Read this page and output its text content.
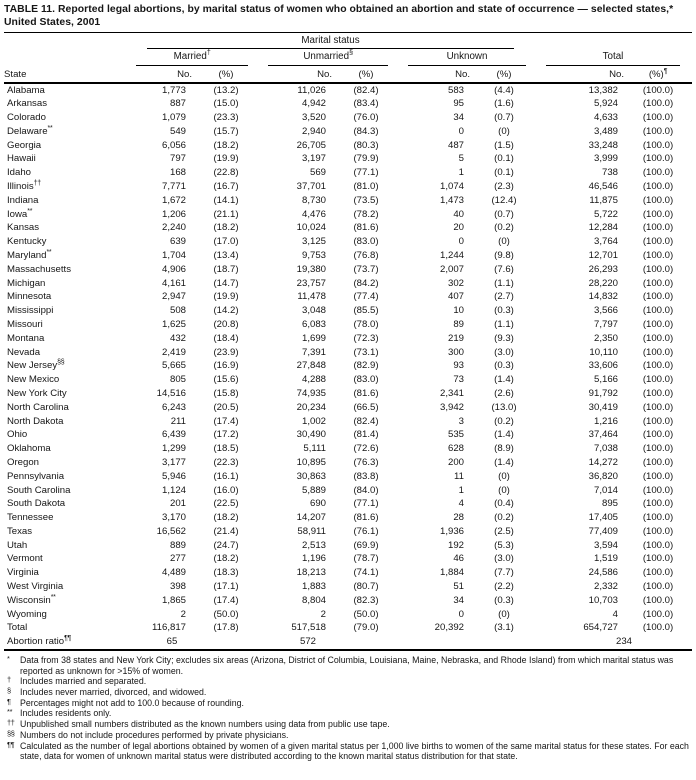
TABLE 11. Reported legal abortions, by marital status of women who obtained an abortion and state of occurrence — selected states,* United States, 2001

	Marital status							

	Married†		Unmarried§		Unknown		Total	

State	No.	(%)	No.	(%)	No.	(%)	No.	(%)¶
Alabama	1,773	(13.2)	11,026	(82.4)	583	(4.4)	13,382	(100.0)
Arkansas	887	(15.0)	4,942	(83.4)	95	(1.6)	5,924	(100.0)
Colorado	1,079	(23.3)	3,520	(76.0)	34	(0.7)	4,633	(100.0)
Delaware**	549	(15.7)	2,940	(84.3)	0	(0)	3,489	(100.0)
Georgia	6,056	(18.2)	26,705	(80.3)	487	(1.5)	33,248	(100.0)
Hawaii	797	(19.9)	3,197	(79.9)	5	(0.1)	3,999	(100.0)
Idaho	168	(22.8)	569	(77.1)	1	(0.1)	738	(100.0)
Illinois††	7,771	(16.7)	37,701	(81.0)	1,074	(2.3)	46,546	(100.0)
Indiana	1,672	(14.1)	8,730	(73.5)	1,473	(12.4)	11,875	(100.0)
Iowa**	1,206	(21.1)	4,476	(78.2)	40	(0.7)	5,722	(100.0)
Kansas	2,240	(18.2)	10,024	(81.6)	20	(0.2)	12,284	(100.0)
Kentucky	639	(17.0)	3,125	(83.0)	0	(0)	3,764	(100.0)
Maryland**	1,704	(13.4)	9,753	(76.8)	1,244	(9.8)	12,701	(100.0)
Massachusetts	4,906	(18.7)	19,380	(73.7)	2,007	(7.6)	26,293	(100.0)
Michigan	4,161	(14.7)	23,757	(84.2)	302	(1.1)	28,220	(100.0)
Minnesota	2,947	(19.9)	11,478	(77.4)	407	(2.7)	14,832	(100.0)
Mississippi	508	(14.2)	3,048	(85.5)	10	(0.3)	3,566	(100.0)
Missouri	1,625	(20.8)	6,083	(78.0)	89	(1.1)	7,797	(100.0)
Montana	432	(18.4)	1,699	(72.3)	219	(9.3)	2,350	(100.0)
Nevada	2,419	(23.9)	7,391	(73.1)	300	(3.0)	10,110	(100.0)
New Jersey§§	5,665	(16.9)	27,848	(82.9)	93	(0.3)	33,606	(100.0)
New Mexico	805	(15.6)	4,288	(83.0)	73	(1.4)	5,166	(100.0)
New York City	14,516	(15.8)	74,935	(81.6)	2,341	(2.6)	91,792	(100.0)
North Carolina	6,243	(20.5)	20,234	(66.5)	3,942	(13.0)	30,419	(100.0)
North Dakota	211	(17.4)	1,002	(82.4)	3	(0.2)	1,216	(100.0)
Ohio	6,439	(17.2)	30,490	(81.4)	535	(1.4)	37,464	(100.0)
Oklahoma	1,299	(18.5)	5,111	(72.6)	628	(8.9)	7,038	(100.0)
Oregon	3,177	(22.3)	10,895	(76.3)	200	(1.4)	14,272	(100.0)
Pennsylvania	5,946	(16.1)	30,863	(83.8)	11	(0)	36,820	(100.0)
South Carolina	1,124	(16.0)	5,889	(84.0)	1	(0)	7,014	(100.0)
South Dakota	201	(22.5)	690	(77.1)	4	(0.4)	895	(100.0)
Tennessee	3,170	(18.2)	14,207	(81.6)	28	(0.2)	17,405	(100.0)
Texas	16,562	(21.4)	58,911	(76.1)	1,936	(2.5)	77,409	(100.0)
Utah	889	(24.7)	2,513	(69.9)	192	(5.3)	3,594	(100.0)
Vermont	277	(18.2)	1,196	(78.7)	46	(3.0)	1,519	(100.0)
Virginia	4,489	(18.3)	18,213	(74.1)	1,884	(7.7)	24,586	(100.0)
West Virginia	398	(17.1)	1,883	(80.7)	51	(2.2)	2,332	(100.0)
Wisconsin**	1,865	(17.4)	8,804	(82.3)	34	(0.3)	10,703	(100.0)
Wyoming	2	(50.0)	2	(50.0)	0	(0)	4	(100.0)
Total	116,817	(17.8)	517,518	(79.0)	20,392	(3.1)	654,727	(100.0)
Abortion ratio¶¶	65		572				234	
* Data from 38 states and New York City; excludes six areas (Arizona, District of Columbia, Louisiana, Maine, Nebraska, and Rhode Island) from which marital status was reported as unknown for >15% of women.
† Includes married and separated.
§ Includes never married, divorced, and widowed.
¶ Percentages might not add to 100.0 because of rounding.
** Includes residents only.
†† Unpublished small numbers distributed as the known numbers using data from public use tape.
§§ Numbers do not include procedures performed by private physicians.
¶¶ Calculated as the number of legal abortions obtained by women of a given marital status per 1,000 live births to women of the same marital status for these states. For each state, data for women of unknown marital status were distributed according to the known marital status distribution for that state.
